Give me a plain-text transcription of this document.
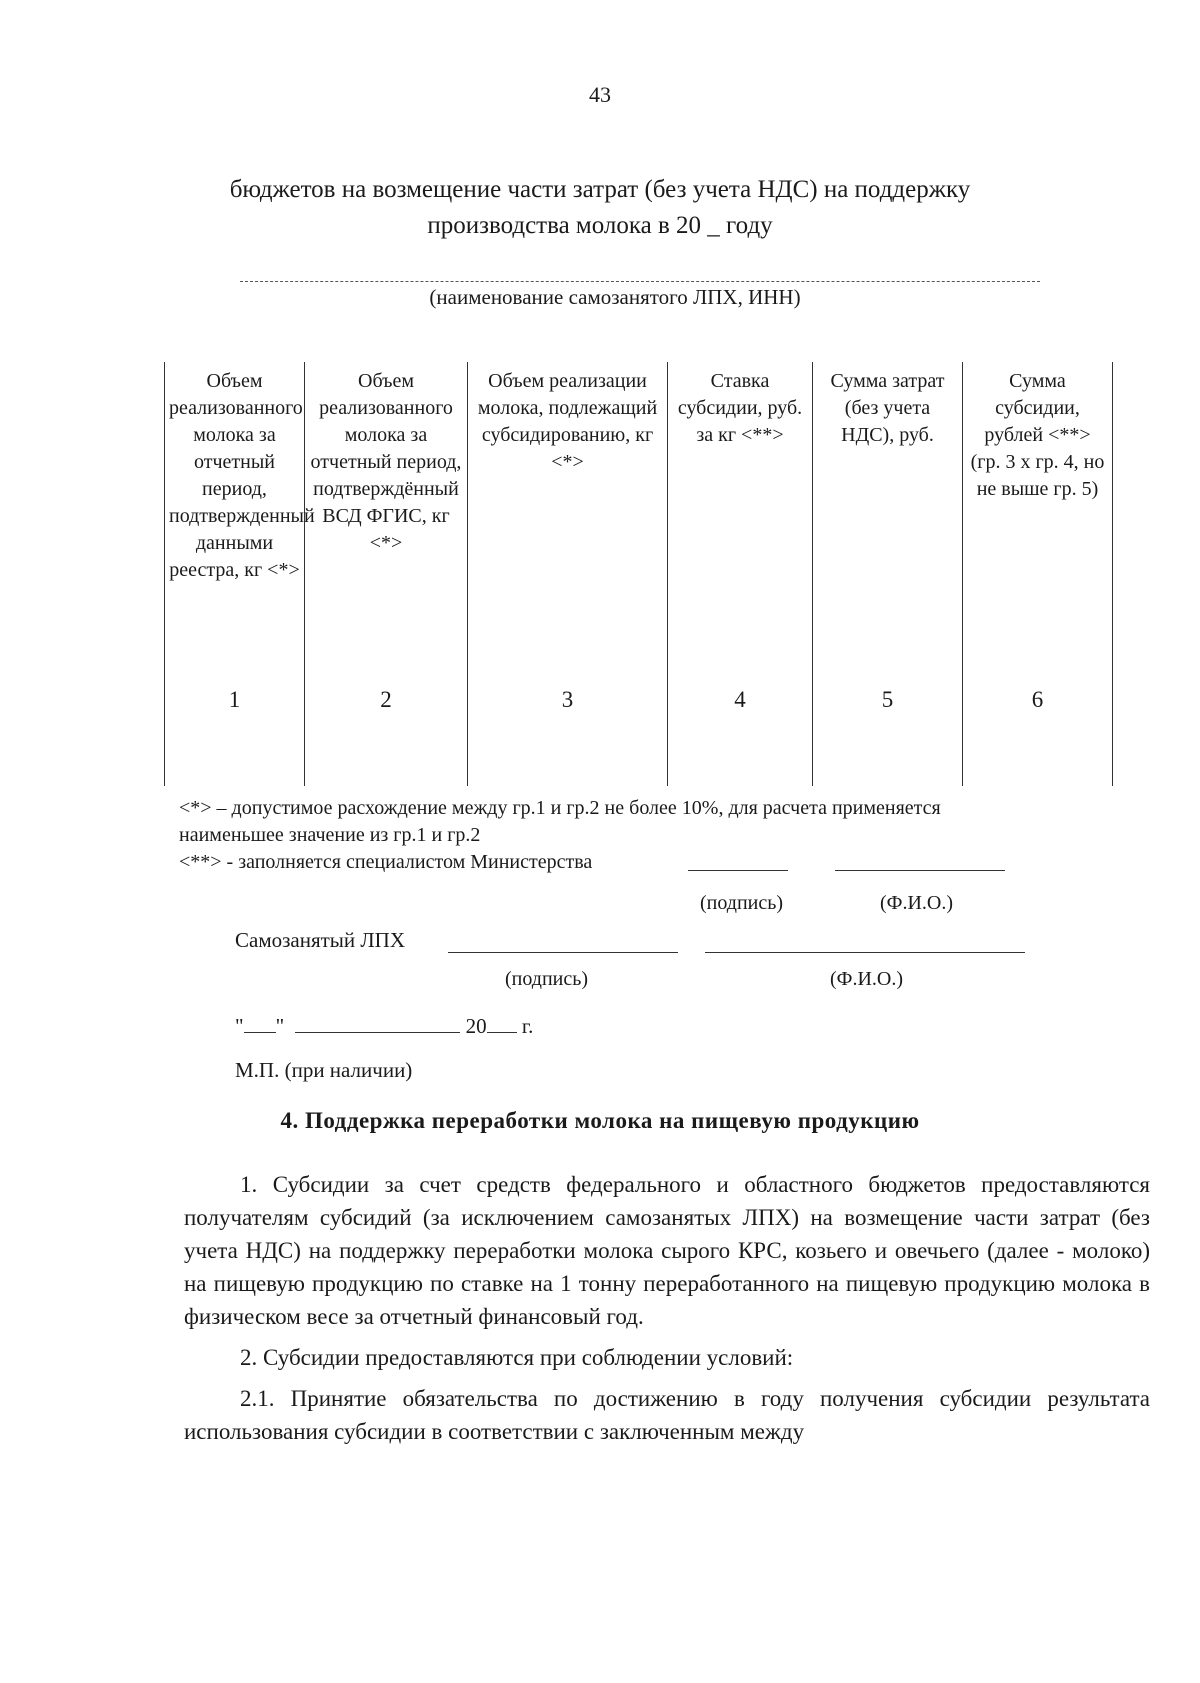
43
бюджетов на возмещение части затрат (без учета НДС) на поддержку
производства молока в 20 _ году
(наименование самозанятого ЛПХ, ИНН)
Объем реализованного молока за отчетный период, подтвержденный данными реестра, кг <*>	Объем реализованного молока за отчетный период, подтверждённый ВСД ФГИС, кг <*>	Объем реализации молока, подлежащий субсидированию, кг <*>	Ставка субсидии, руб. за кг <**>	Сумма затрат (без учета НДС), руб.	Сумма субсидии, рублей <**> (гр. 3 х гр. 4, но не выше гр. 5)
1	2	3	4	5	6

<*> – допустимое расхождение между гр.1 и гр.2 не более 10%, для расчета применяется
наименьшее значение из гр.1 и гр.2
<**> - заполняется специалистом Министерства
(подпись)	(Ф.И.О.)
Самозанятый ЛПХ
(подпись)	(Ф.И.О.)
" "	20 г.
М.П. (при наличии)
4. Поддержка переработки молока на пищевую продукцию

1. Субсидии за счет средств федерального и областного бюджетов предоставляются получателям субсидий (за исключением самозанятых ЛПХ) на возмещение части затрат (без учета НДС) на поддержку переработки молока сырого КРС, козьего и овечьего (далее - молоко) на пищевую продукцию по ставке на 1 тонну переработанного на пищевую продукцию молока в физическом весе за отчетный финансовый год.

2. Субсидии предоставляются при соблюдении условий:

2.1. Принятие обязательства по достижению в году получения субсидии результата использования субсидии в соответствии с заключенным между
